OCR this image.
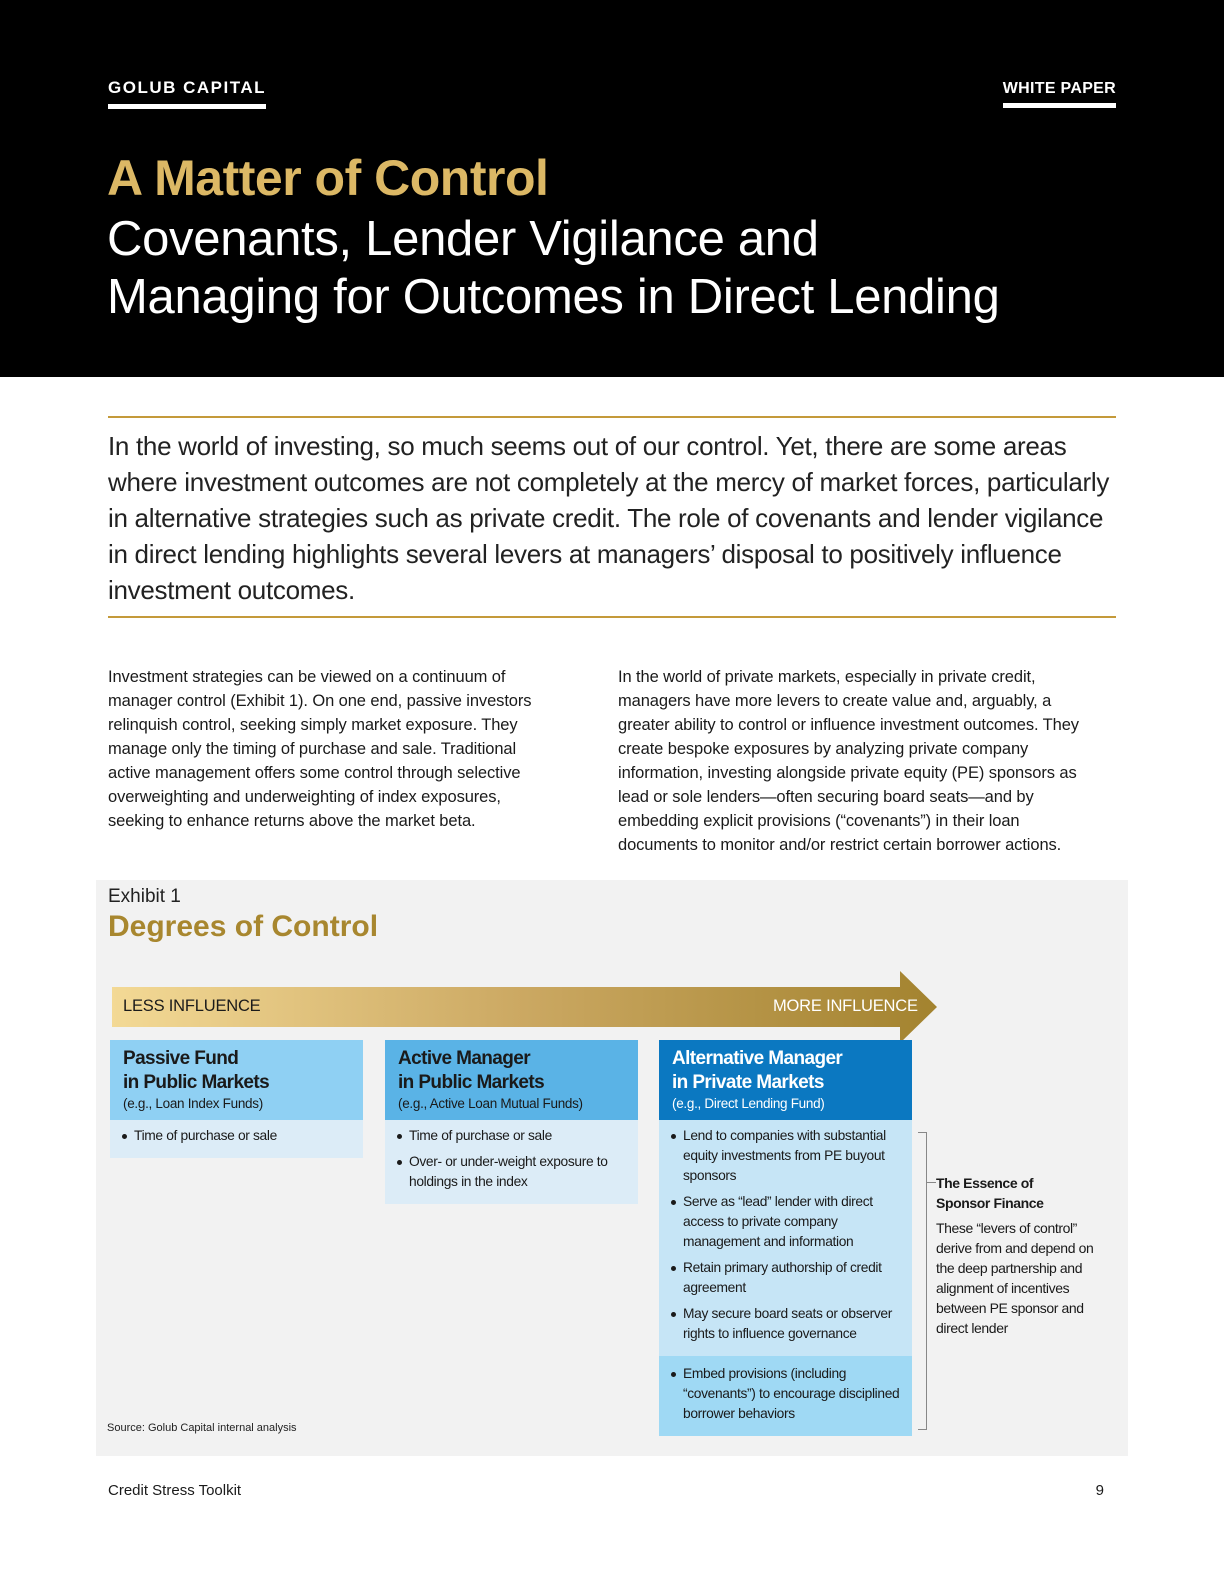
GOLUB CAPITAL	WHITE PAPER
A Matter of Control
Covenants, Lender Vigilance and
Managing for Outcomes in Direct Lending
In the world of investing, so much seems out of our control. Yet, there are some areas where investment outcomes are not completely at the mercy of market forces, particularly in alternative strategies such as private credit. The role of covenants and lender vigilance in direct lending highlights several levers at managers’ disposal to positively influence investment outcomes.
Investment strategies can be viewed on a continuum of manager control (Exhibit 1). On one end, passive investors relinquish control, seeking simply market exposure. They manage only the timing of purchase and sale. Traditional active management offers some control through selective overweighting and underweighting of index exposures, seeking to enhance returns above the market beta.
In the world of private markets, especially in private credit, managers have more levers to create value and, arguably, a greater ability to control or influence investment outcomes. They create bespoke exposures by analyzing private company information, investing alongside private equity (PE) sponsors as lead or sole lenders—often securing board seats—and by embedding explicit provisions (“covenants”) in their loan documents to monitor and/or restrict certain borrower actions.
Exhibit 1
Degrees of Control
LESS INFLUENCE	MORE INFLUENCE
Passive Fund
in Public Markets
(e.g., Loan Index Funds)
Time of purchase or sale
Active Manager
in Public Markets
(e.g., Active Loan Mutual Funds)
Time of purchase or sale
Over- or under-weight exposure to holdings in the index
Alternative Manager
in Private Markets
(e.g., Direct Lending Fund)
Lend to companies with substantial equity investments from PE buyout sponsors
Serve as “lead” lender with direct access to private company management and information
Retain primary authorship of credit agreement
May secure board seats or observer rights to influence governance
Embed provisions (including “covenants”) to encourage disciplined borrower behaviors
The Essence of
Sponsor Finance
These “levers of control” derive from and depend on the deep partnership and alignment of incentives between PE sponsor and direct lender
Source: Golub Capital internal analysis
Credit Stress Toolkit	9
